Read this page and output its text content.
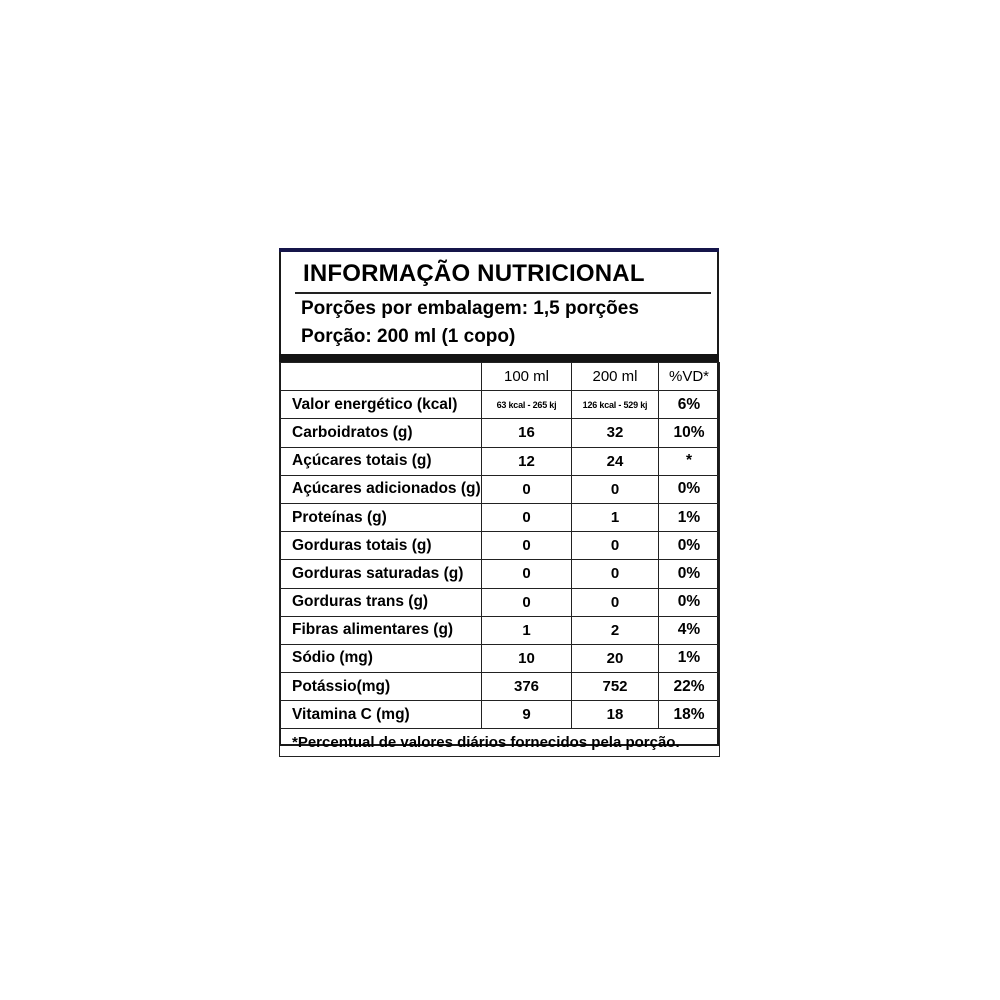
INFORMAÇÃO NUTRICIONAL
Porções por embalagem: 1,5 porções
Porção: 200 ml (1 copo)
	100 ml	200 ml	%VD*
Valor energético (kcal)	63 kcal - 265 kj	126 kcal - 529 kj	6%
Carboidratos (g)	16	32	10%
Açúcares totais (g)	12	24	*
Açúcares adicionados (g)	0	0	0%
Proteínas (g)	0	1	1%
Gorduras totais (g)	0	0	0%
Gorduras saturadas (g)	0	0	0%
Gorduras trans (g)	0	0	0%
Fibras alimentares (g)	1	2	4%
Sódio (mg)	10	20	1%
Potássio(mg)	376	752	22%
Vitamina C (mg)	9	18	18%
*Percentual de valores diários fornecidos pela porção.			
